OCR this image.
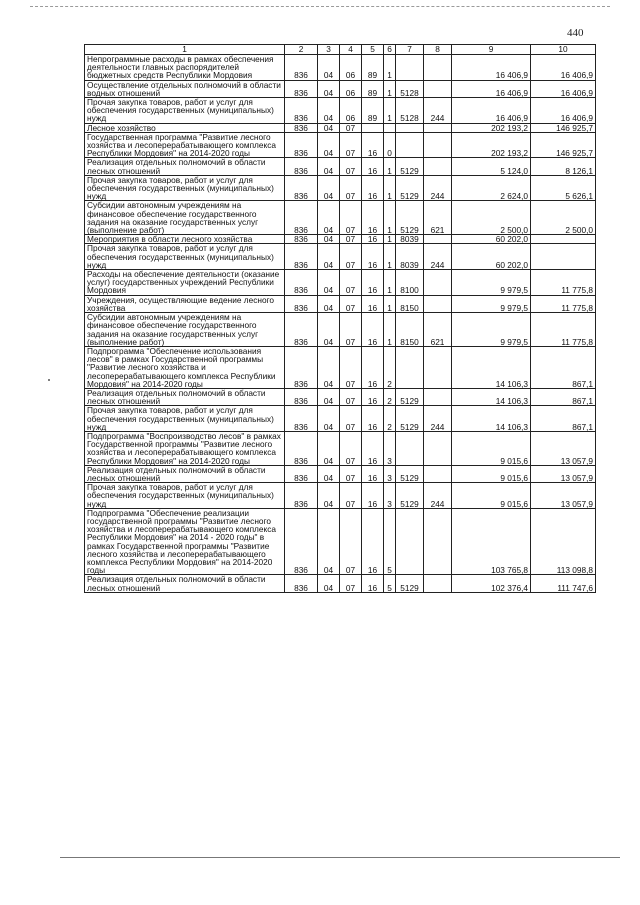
440
1	2	3	4	5	6	7	8	9	10
Непрограммные расходы в рамках обеспечения деятельности главных распорядителей бюджетных средств Республики Мордовия	836	04	06	89	1			16 406,9	16 406,9
Осуществление отдельных полномочий в области водных отношений	836	04	06	89	1	5128		16 406,9	16 406,9
Прочая закупка товаров, работ и услуг для обеспечения государственных (муниципальных) нужд	836	04	06	89	1	5128	244	16 406,9	16 406,9
Лесное хозяйство	836	04	07					202 193,2	146 925,7
Государственная программа "Развитие лесного хозяйства и лесоперерабатывающего комплекса Республики Мордовия" на 2014-2020 годы	836	04	07	16	0			202 193,2	146 925,7
Реализация отдельных полномочий в области лесных отношений	836	04	07	16	1	5129		5 124,0	8 126,1
Прочая закупка товаров, работ и услуг для обеспечения государственных (муниципальных) нужд	836	04	07	16	1	5129	244	2 624,0	5 626,1
Субсидии автономным учреждениям на финансовое обеспечение государственного задания на оказание государственных услуг (выполнение работ)	836	04	07	16	1	5129	621	2 500,0	2 500,0
Мероприятия в области лесного хозяйства	836	04	07	16	1	8039		60 202,0	
Прочая закупка товаров, работ и услуг для обеспечения государственных (муниципальных) нужд	836	04	07	16	1	8039	244	60 202,0	
Расходы на обеспечение деятельности (оказание услуг) государственных учреждений Республики Мордовия	836	04	07	16	1	8100		9 979,5	11 775,8
Учреждения, осуществляющие ведение лесного хозяйства	836	04	07	16	1	8150		9 979,5	11 775,8
Субсидии автономным учреждениям на финансовое обеспечение государственного задания на оказание государственных услуг (выполнение работ)	836	04	07	16	1	8150	621	9 979,5	11 775,8
Подпрограмма "Обеспечение использования лесов" в рамках Государственной программы "Развитие лесного хозяйства и лесоперерабатывающего комплекса Республики Мордовия" на 2014-2020 годы	836	04	07	16	2			14 106,3	867,1
Реализация отдельных полномочий в области лесных отношений	836	04	07	16	2	5129		14 106,3	867,1
Прочая закупка товаров, работ и услуг для обеспечения государственных (муниципальных) нужд	836	04	07	16	2	5129	244	14 106,3	867,1
Подпрограмма "Воспроизводство лесов" в рамках Государственной программы "Развитие лесного хозяйства и лесоперерабатывающего комплекса Республики Мордовия" на 2014-2020 годы	836	04	07	16	3			9 015,6	13 057,9
Реализация отдельных полномочий в области лесных отношений	836	04	07	16	3	5129		9 015,6	13 057,9
Прочая закупка товаров, работ и услуг для обеспечения государственных (муниципальных) нужд	836	04	07	16	3	5129	244	9 015,6	13 057,9
Подпрограмма "Обеспечение реализации государственной программы "Развитие лесного хозяйства и лесоперерабатывающего комплекса Республики Мордовия" на 2014 - 2020 годы" в рамках Государственной программы "Развитие лесного хозяйства и лесоперерабатывающего комплекса Республики Мордовия" на 2014-2020 годы	836	04	07	16	5			103 765,8	113 098,8
Реализация отдельных полномочий в области лесных отношений	836	04	07	16	5	5129		102 376,4	111 747,6
